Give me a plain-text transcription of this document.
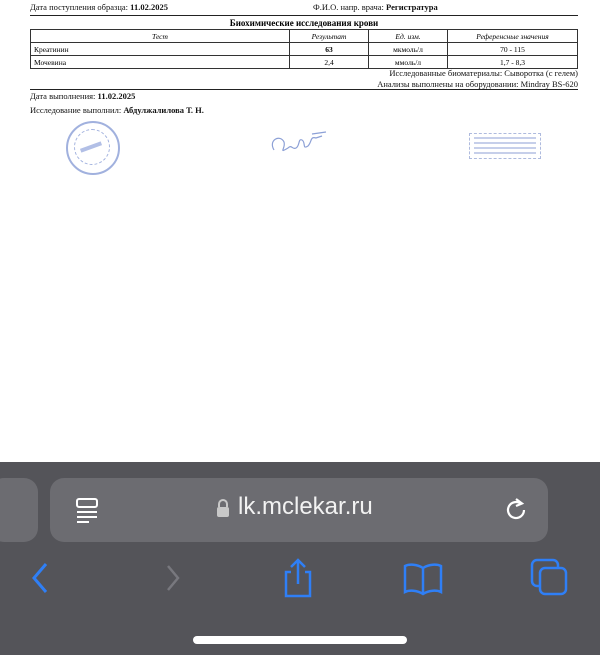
Дата поступления образца: 11.02.2025	Ф.И.О. напр. врача: Регистратура
Биохимические исследования крови
Тест	Результат	Ед. изм.	Референсные значения
Креатинин	63	мкмоль/л	70 - 115
Мочевина	2,4	ммоль/л	1,7 - 8,3
Исследованные биоматериалы: Сыворотка (с гелем)
Анализы выполнены на оборудовании: Mindray BS-620
Дата выполнения: 11.02.2025
Исследование выполнил: Абдулжалилова Т. Н.
lk.mclekar.ru
